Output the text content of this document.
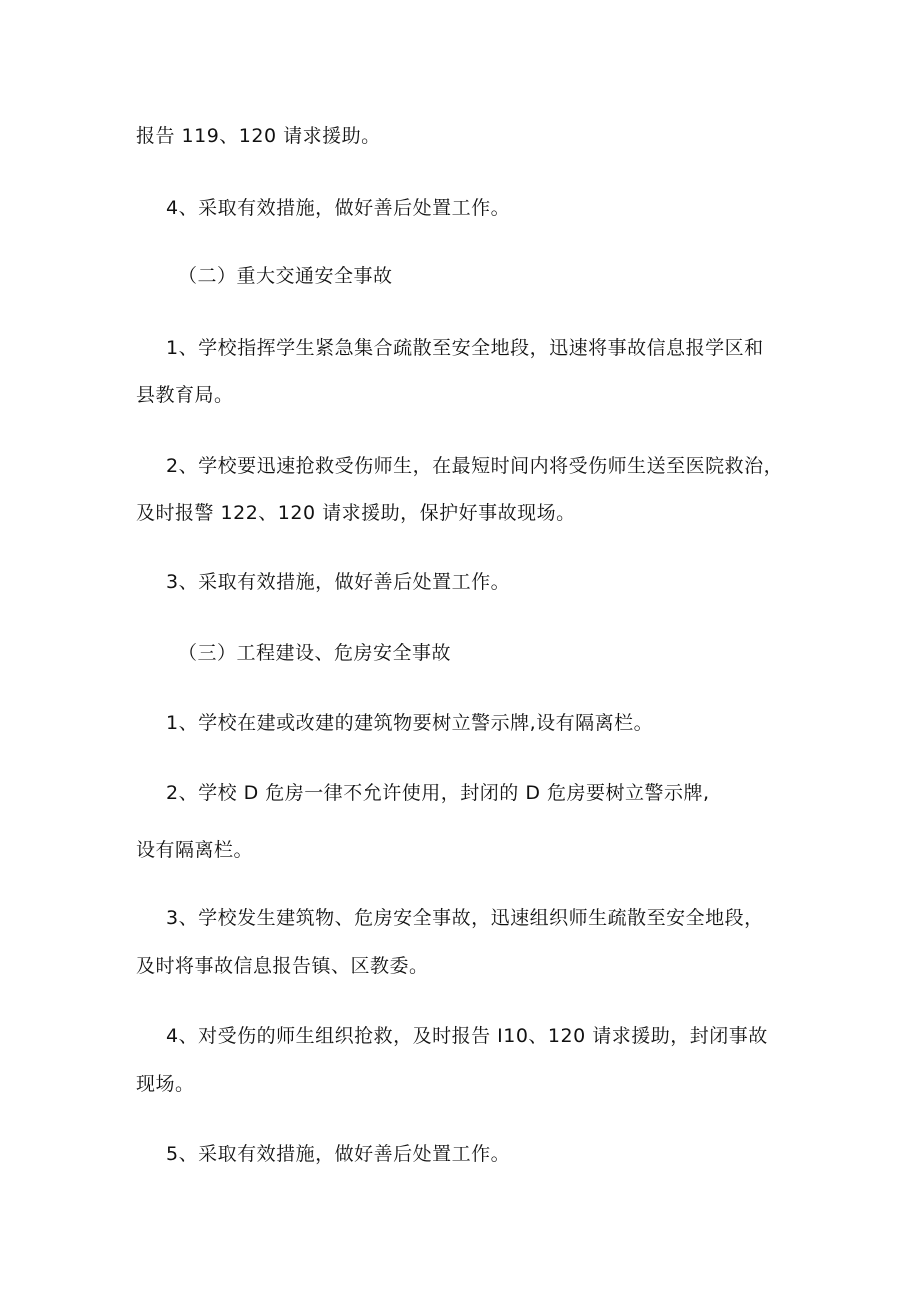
报告 119、120 请求援助。
4、采取有效措施，做好善后处置工作。
（二）重大交通安全事故
1、学校指挥学生紧急集合疏散至安全地段，迅速将事故信息报学区和
县教育局。
2、学校要迅速抢救受伤师生，在最短时间内将受伤师生送至医院救治，
及时报警 122、120 请求援助，保护好事故现场。
3、采取有效措施，做好善后处置工作。
（三）工程建设、危房安全事故
1、学校在建或改建的建筑物要树立警示牌,设有隔离栏。
2、学校 D 危房一律不允许使用，封闭的 D 危房要树立警示牌,
设有隔离栏。
3、学校发生建筑物、危房安全事故，迅速组织师生疏散至安全地段，
及时将事故信息报告镇、区教委。
4、对受伤的师生组织抢救，及时报告 I10、120 请求援助，封闭事故
现场。
5、采取有效措施，做好善后处置工作。
